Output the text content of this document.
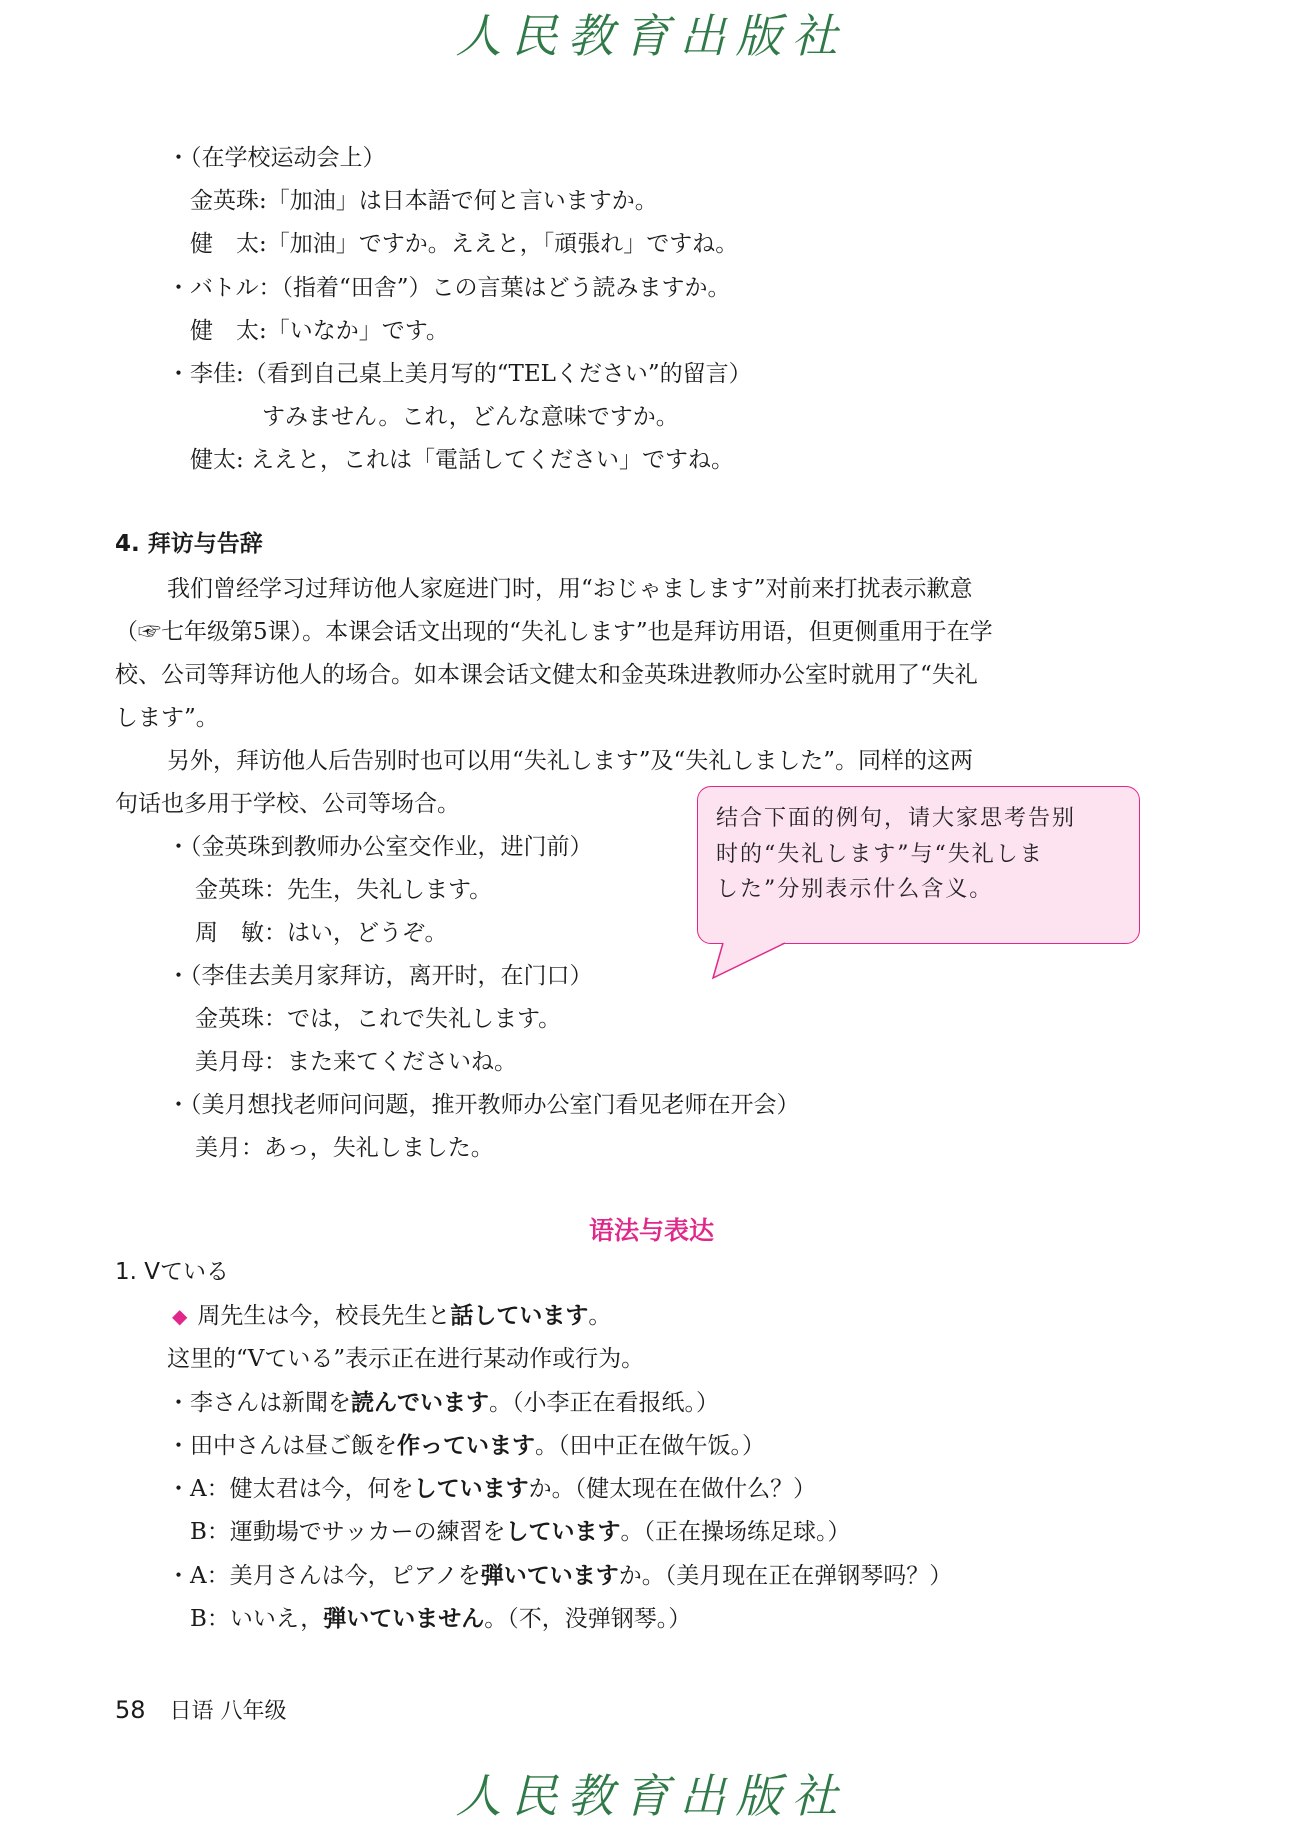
人民教育出版社
・（在学校运动会上）
金英珠:「加油」は日本語で何と言いますか。
健　太:「加油」ですか。ええと，「頑張れ」ですね。
・バトル：（指着“田舎”）この言葉はどう読みますか。
健　太:「いなか」です。
・李佳:（看到自己桌上美月写的“TELください”的留言）
すみません。これ，どんな意味ですか。
健太: ええと，これは「電話してください」ですね。
4. 拜访与告辞
我们曾经学习过拜访他人家庭进门时，用“おじゃまします”对前来打扰表示歉意
（☞七年级第5课）。本课会话文出现的“失礼します”也是拜访用语，但更侧重用于在学
校、公司等拜访他人的场合。如本课会话文健太和金英珠进教师办公室时就用了“失礼
します”。
另外，拜访他人后告别时也可以用“失礼します”及“失礼しました”。同样的这两
句话也多用于学校、公司等场合。
・（金英珠到教师办公室交作业，进门前）
金英珠：先生，失礼します。
周　敏：はい，どうぞ。
・（李佳去美月家拜访，离开时，在门口）
金英珠：では，これで失礼します。
美月母：また来てくださいね。
・（美月想找老师问问题，推开教师办公室门看见老师在开会）
美月：あっ，失礼しました。
结合下面的例句，请大家思考告别
时的“失礼します”与“失礼しま
した”分别表示什么含义。
语法与表达
1. Vている
◆ 周先生は今，校長先生と話しています。
这里的“Vている”表示正在进行某动作或行为。
・李さんは新聞を読んでいます。（小李正在看报纸。）
・田中さんは昼ご飯を作っています。（田中正在做午饭。）
・A：健太君は今，何をしていますか。（健太现在在做什么？）
B：運動場でサッカーの練習をしています。（正在操场练足球。）
・A：美月さんは今，ピアノを弾いていますか。（美月现在正在弹钢琴吗？）
B：いいえ，弾いていません。（不，没弹钢琴。）
58 日语 八年级
人民教育出版社
